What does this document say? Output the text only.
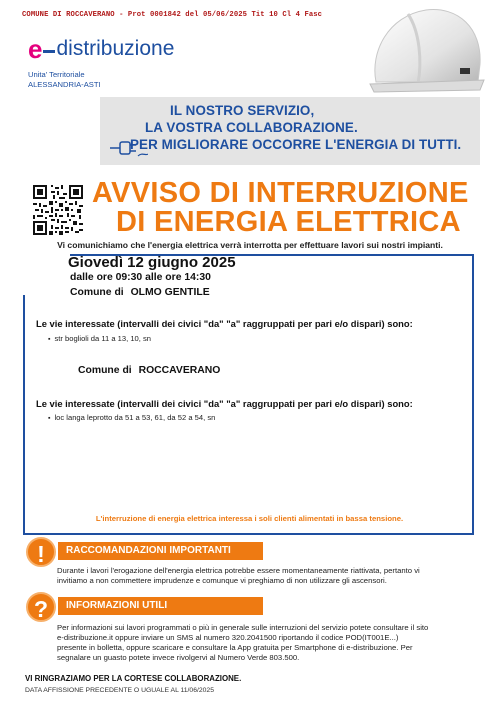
COMUNE DI ROCCAVERANO - Prot 0001842 del 05/06/2025 Tit 10 Cl 4 Fasc
e distribuzione
Unita' Territoriale
ALESSANDRIA-ASTI
IL NOSTRO SERVIZIO,
LA VOSTRA COLLABORAZIONE.
PER MIGLIORARE OCCORRE L'ENERGIA DI TUTTI.
AVVISO DI INTERRUZIONE
DI ENERGIA ELETTRICA
Vi comunichiamo che l'energia elettrica verrà interrotta per effettuare lavori sui nostri impianti.
Giovedì 12 giugno 2025
dalle ore 09:30 alle ore 14:30
Comune di OLMO GENTILE
Le vie interessate (intervalli dei civici "da" "a" raggruppati per pari e/o dispari) sono:
▪ str boglioli da 11 a 13, 10, sn
Comune di ROCCAVERANO
Le vie interessate (intervalli dei civici "da" "a" raggruppati per pari e/o dispari) sono:
▪ loc langa leprotto da 51 a 53, 61, da 52 a 54, sn
L'interruzione di energia elettrica interessa i soli clienti alimentati in bassa tensione.
!	RACCOMANDAZIONI IMPORTANTI
Durante i lavori l'erogazione dell'energia elettrica potrebbe essere momentaneamente riattivata, pertanto vi
invitiamo a non commettere imprudenze e comunque vi preghiamo di non utilizzare gli ascensori.
?	INFORMAZIONI UTILI
Per informazioni sui lavori programmati o più in generale sulle interruzioni del servizio potete consultare il sito
e-distribuzione.it oppure inviare un SMS al numero 320.2041500 riportando il codice POD(IT001E...)
presente in bolletta, oppure scaricare e consultare la App gratuita per Smartphone di e-distribuzione. Per
segnalare un guasto potete invece rivolgervi al Numero Verde 803.500.
VI RINGRAZIAMO PER LA CORTESE COLLABORAZIONE.
DATA AFFISSIONE PRECEDENTE O UGUALE AL 11/06/2025
